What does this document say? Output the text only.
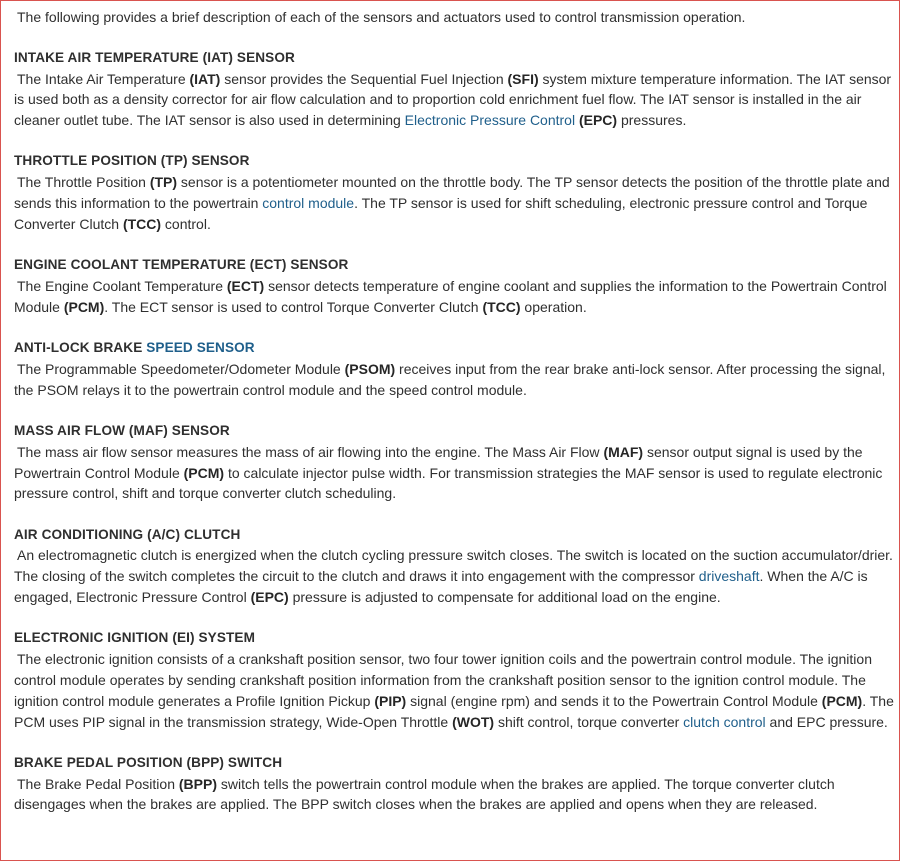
The following provides a brief description of each of the sensors and actuators used to control transmission operation.

INTAKE AIR TEMPERATURE (IAT) SENSOR

The Intake Air Temperature (IAT) sensor provides the Sequential Fuel Injection (SFI) system mixture temperature information. The IAT sensor is used both as a density corrector for air flow calculation and to proportion cold enrichment fuel flow. The IAT sensor is installed in the air cleaner outlet tube. The IAT sensor is also used in determining Electronic Pressure Control (EPC) pressures.

THROTTLE POSITION (TP) SENSOR

The Throttle Position (TP) sensor is a potentiometer mounted on the throttle body. The TP sensor detects the position of the throttle plate and sends this information to the powertrain control module. The TP sensor is used for shift scheduling, electronic pressure control and Torque Converter Clutch (TCC) control.

ENGINE COOLANT TEMPERATURE (ECT) SENSOR

The Engine Coolant Temperature (ECT) sensor detects temperature of engine coolant and supplies the information to the Powertrain Control Module (PCM). The ECT sensor is used to control Torque Converter Clutch (TCC) operation.

ANTI-LOCK BRAKE SPEED SENSOR

The Programmable Speedometer/Odometer Module (PSOM) receives input from the rear brake anti-lock sensor. After processing the signal, the PSOM relays it to the powertrain control module and the speed control module.

MASS AIR FLOW (MAF) SENSOR

The mass air flow sensor measures the mass of air flowing into the engine. The Mass Air Flow (MAF) sensor output signal is used by the Powertrain Control Module (PCM) to calculate injector pulse width. For transmission strategies the MAF sensor is used to regulate electronic pressure control, shift and torque converter clutch scheduling.

AIR CONDITIONING (A/C) CLUTCH

An electromagnetic clutch is energized when the clutch cycling pressure switch closes. The switch is located on the suction accumulator/drier. The closing of the switch completes the circuit to the clutch and draws it into engagement with the compressor driveshaft. When the A/C is engaged, Electronic Pressure Control (EPC) pressure is adjusted to compensate for additional load on the engine.

ELECTRONIC IGNITION (EI) SYSTEM

The electronic ignition consists of a crankshaft position sensor, two four tower ignition coils and the powertrain control module. The ignition control module operates by sending crankshaft position information from the crankshaft position sensor to the ignition control module. The ignition control module generates a Profile Ignition Pickup (PIP) signal (engine rpm) and sends it to the Powertrain Control Module (PCM). The PCM uses PIP signal in the transmission strategy, Wide-Open Throttle (WOT) shift control, torque converter clutch control and EPC pressure.

BRAKE PEDAL POSITION (BPP) SWITCH

The Brake Pedal Position (BPP) switch tells the powertrain control module when the brakes are applied. The torque converter clutch disengages when the brakes are applied. The BPP switch closes when the brakes are applied and opens when they are released.
